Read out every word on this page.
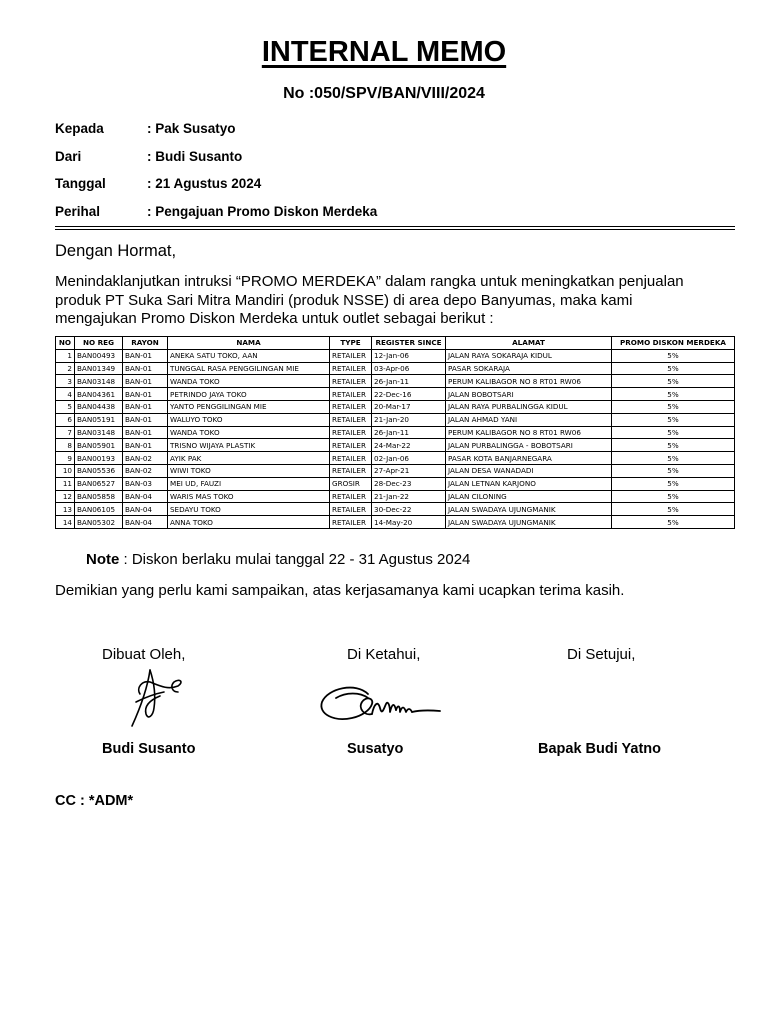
INTERNAL MEMO
No :050/SPV/BAN/VIII/2024
Kepada	: Pak Susatyo
Dari	: Budi Susanto
Tanggal	: 21 Agustus 2024
Perihal	: Pengajuan Promo Diskon Merdeka
Dengan Hormat,
Menindaklanjutkan intruksi “PROMO MERDEKA” dalam rangka untuk meningkatkan penjualan
produk PT Suka Sari Mitra Mandiri (produk NSSE) di area depo Banyumas, maka kami
mengajukan Promo Diskon Merdeka untuk outlet sebagai berikut :
NO	NO REG	RAYON	NAMA	TYPE	REGISTER SINCE	ALAMAT	PROMO DISKON MERDEKA
1	BAN00493	BAN-01	ANEKA SATU TOKO, AAN	RETAILER	12-Jan-06	JALAN RAYA SOKARAJA KIDUL	5%
2	BAN01349	BAN-01	TUNGGAL RASA PENGGILINGAN MIE	RETAILER	03-Apr-06	PASAR SOKARAJA	5%
3	BAN03148	BAN-01	WANDA TOKO	RETAILER	26-Jan-11	PERUM KALIBAGOR NO 8 RT01 RW06	5%
4	BAN04361	BAN-01	PETRINDO JAYA TOKO	RETAILER	22-Dec-16	JALAN BOBOTSARI	5%
5	BAN04438	BAN-01	YANTO PENGGILINGAN MIE	RETAILER	20-Mar-17	JALAN RAYA PURBALINGGA KIDUL	5%
6	BAN05191	BAN-01	WALUYO TOKO	RETAILER	21-Jan-20	JALAN AHMAD YANI	5%
7	BAN03148	BAN-01	WANDA TOKO	RETAILER	26-Jan-11	PERUM KALIBAGOR NO 8 RT01 RW06	5%
8	BAN05901	BAN-01	TRISNO WIJAYA PLASTIK	RETAILER	24-Mar-22	JALAN PURBALINGGA - BOBOTSARI	5%
9	BAN00193	BAN-02	AYIK PAK	RETAILER	02-Jan-06	PASAR KOTA BANJARNEGARA	5%
10	BAN05536	BAN-02	WIWI TOKO	RETAILER	27-Apr-21	JALAN DESA WANADADI	5%
11	BAN06527	BAN-03	MEI UD, FAUZI	GROSIR	28-Dec-23	JALAN LETNAN KARJONO	5%
12	BAN05858	BAN-04	WARIS MAS TOKO	RETAILER	21-Jan-22	JALAN CILONING	5%
13	BAN06105	BAN-04	SEDAYU TOKO	RETAILER	30-Dec-22	JALAN SWADAYA UJUNGMANIK	5%
14	BAN05302	BAN-04	ANNA TOKO	RETAILER	14-May-20	JALAN SWADAYA UJUNGMANIK	5%
Note : Diskon berlaku mulai tanggal 22 - 31 Agustus 2024
Demikian yang perlu kami sampaikan, atas kerjasamanya kami ucapkan terima kasih.
Dibuat Oleh,	Di Ketahui,	Di Setujui,
Budi Susanto	Susatyo	Bapak Budi Yatno
CC : *ADM*
